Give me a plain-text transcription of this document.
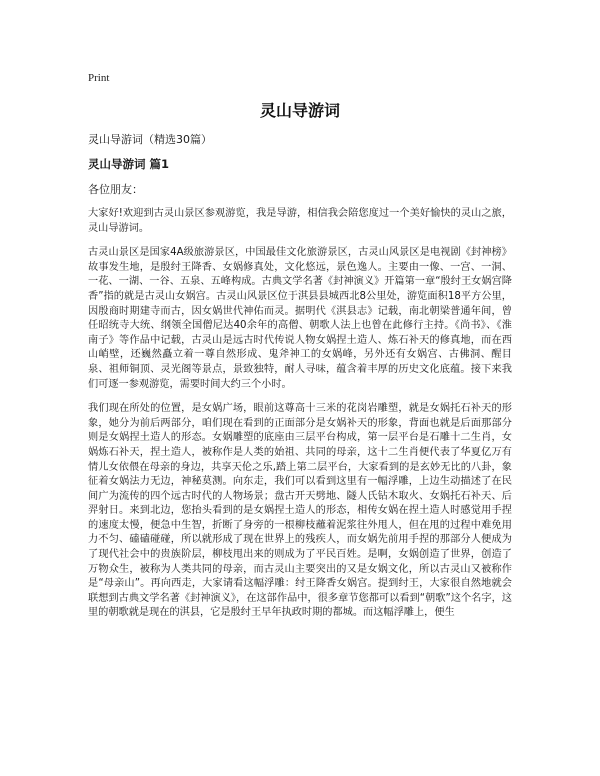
Print
灵山导游词

灵山导游词（精选30篇）

灵山导游词 篇1

各位朋友：

大家好!欢迎到古灵山景区参观游览，我是导游，相信我会陪您度过一个美好愉快的灵山之旅，灵山导游词。

古灵山景区是国家4A级旅游景区，中国最佳文化旅游景区，古灵山风景区是电视剧《封神榜》故事发生地，是殷纣王降香、女娲修真处，文化悠远，景色逸人。主要由一像、一宫、一洞、一花、一湖、一谷、五泉、五峰构成。古典文学名著《封神演义》开篇第一章“殷纣王女娲宫降香”指的就是古灵山女娲宫。古灵山风景区位于淇县县城西北8公里处，游览面积18平方公里，因殷商时期建寺而古，因女娲世代神佑而灵。据明代《淇县志》记载，南北朝梁普通年间，曾任昭统寺大统、纲领全国僧尼达40余年的高僧、朝歌人法上也曾在此修行主持。《尚书》、《淮南子》等作品中记载，古灵山是远古时代传说人物女娲捏土造人、炼石补天的修真地，而在西山峭壁，还巍然矗立着一尊自然形成、鬼斧神工的女娲峰，另外还有女娲宫、古佛洞、醒目泉、祖师铜顶、灵光阁等景点，景致独特，耐人寻味，蕴含着丰厚的历史文化底蕴。接下来我们可逐一参观游览，需要时间大约三个小时。

我们现在所处的位置，是女娲广场，眼前这尊高十三米的花岗岩雕塑，就是女娲托石补天的形象，她分为前后两部分，咱们现在看到的正面部分是女娲补天的形象，背面也就是后面那部分则是女娲捏土造人的形态。女娲雕塑的底座由三层平台构成，第一层平台是石雕十二生肖，女娲炼石补天，捏土造人，被称作是人类的始祖、共同的母亲，这十二生肖便代表了华夏亿万有情儿女依偎在母亲的身边，共享天伦之乐,踏上第二层平台，大家看到的是玄妙无比的八卦，象征着女娲法力无边，神秘莫测。向东走，我们可以看到这里有一幅浮雕，上边生动描述了在民间广为流传的四个远古时代的人物场景；盘古开天劈地、隧人氏钻木取火、女娲托石补天、后羿射日。来到北边，您抬头看到的是女娲捏土造人的形态，相传女娲在捏土造人时感觉用手捏的速度太慢，便急中生智，折断了身旁的一根柳枝蘸着泥浆往外甩人，但在甩的过程中难免用力不匀、磕磕碰碰，所以就形成了现在世界上的残疾人，而女娲先前用手捏的那部分人便成为了现代社会中的贵族阶层，柳枝甩出来的则成为了平民百姓。是啊，女娲创造了世界，创造了万物众生，被称为人类共同的母亲，而古灵山主要突出的又是女娲文化，所以古灵山又被称作是“母亲山”。再向西走，大家请看这幅浮雕：纣王降香女娲宫。提到纣王，大家很自然地就会联想到古典文学名著《封神演义》，在这部作品中，很多章节您都可以看到“朝歌”这个名字，这里的朝歌就是现在的淇县，它是殷纣王早年执政时期的都城。而这幅浮雕上，便生
